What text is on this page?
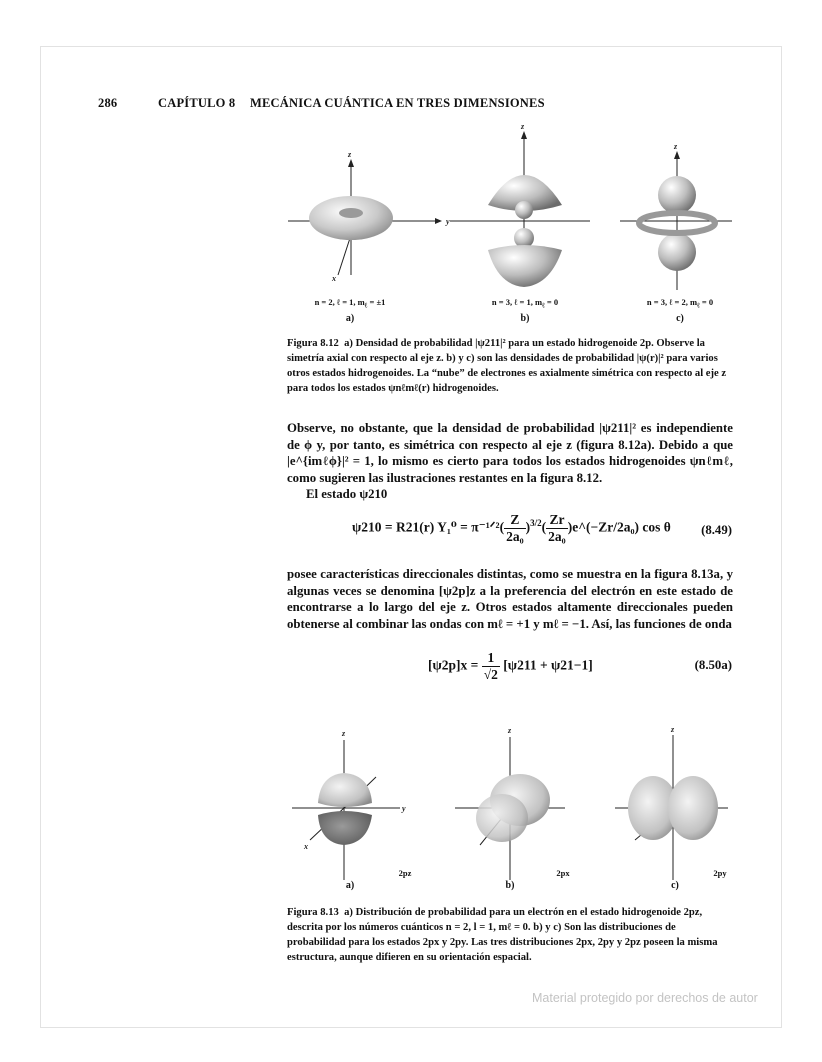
286	CAPÍTULO 8	MECÁNICA CUÁNTICA EN TRES DIMENSIONES
z
y
x
z
z
n = 2, ℓ = 1, $m_\ell = \pm 1$
a)
n = 3, ℓ = 1, $m_\ell = 0$
b)
n = 3, ℓ = 2, $m_\ell = 0$
c)
Figura 8.12 a) Densidad de probabilidad |ψ211|² para un estado hidrogenoide 2p. Observe la simetría axial con respecto al eje z. b) y c) son las densidades de probabilidad |ψ(r)|² para varios otros estados hidrogenoides. La “nube” de electrones es axialmente simétrica con respecto al eje z para todos los estados ψnℓmℓ(r) hidrogenoides.

Observe, no obstante, que la densidad de probabilidad |ψ211|² es independiente de ϕ y, por tanto, es simétrica con respecto al eje z (figura 8.12a). Debido a que |e^{imℓϕ}|² = 1, lo mismo es cierto para todos los estados hidrogenoides ψnℓmℓ, como sugieren las ilustraciones restantes en la figura 8.12.

El estado ψ210

ψ210 = R21(r) Y₁⁰ = π⁻¹ᐟ²( $\frac{Z}{\text{2a₀}} )^{3/2}( \frac{Zr}{\text{2a₀}}$ )e^(−Zr/2a₀) cos θ (8.49)

posee características direccionales distintas, como se muestra en la figura 8.13a, y algunas veces se denomina [ψ2p]z a la preferencia del electrón en este estado de encontrarse a lo largo del eje z. Otros estados altamente direccionales pueden obtenerse al combinar las ondas con mℓ = +1 y mℓ = −1. Así, las funciones de onda

$[\psi 2p]x = \frac{1}{√2} [\psi 211 + \psi 21-1]$	(8.50a)
z
y
x
z	z
2pz
a)
2px
b)
2py
c)
Figura 8.13 a) Distribución de probabilidad para un electrón en el estado hidrogenoide 2pz, descrita por los números cuánticos n = 2, l = 1, mℓ = 0. b) y c) Son las distribuciones de probabilidad para los estados 2px y 2py. Las tres distribuciones 2px, 2py y 2pz poseen la misma estructura, aunque difieren en su orientación espacial.
Material protegido por derechos de autor
